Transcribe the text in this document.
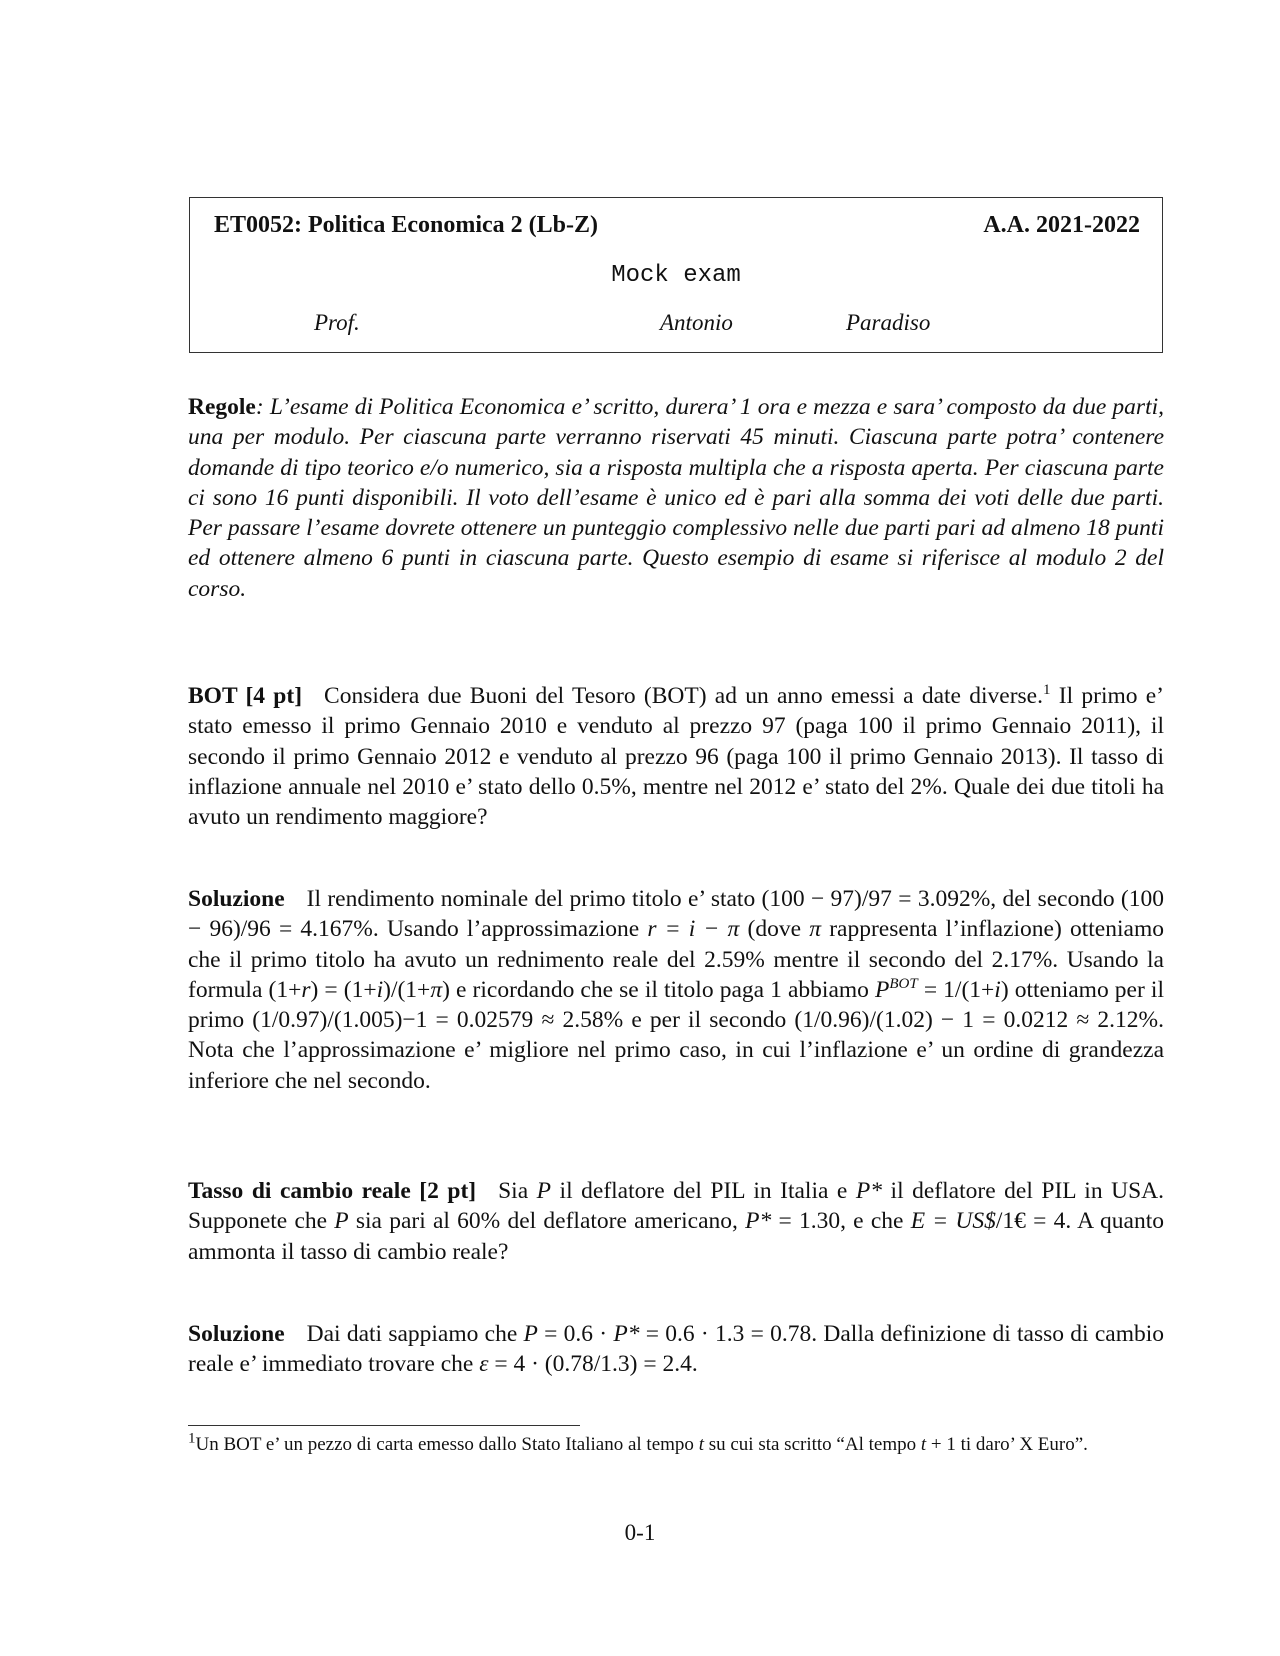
ET0052: Politica Economica 2 (Lb-Z)	A.A. 2021-2022
Mock exam
Prof.	Antonio	Paradiso
Regole: L’esame di Politica Economica e’ scritto, durera’ 1 ora e mezza e sara’ composto da due parti, una per modulo. Per ciascuna parte verranno riservati 45 minuti. Ciascuna parte potra’ contenere domande di tipo teorico e/o numerico, sia a risposta multipla che a risposta aperta. Per ciascuna parte ci sono 16 punti disponibili. Il voto dell’esame è unico ed è pari alla somma dei voti delle due parti. Per passare l’esame dovrete ottenere un punteggio complessivo nelle due parti pari ad almeno 18 punti ed ottenere almeno 6 punti in ciascuna parte. Questo esempio di esame si riferisce al modulo 2 del corso.
BOT [4 pt] Considera due Buoni del Tesoro (BOT) ad un anno emessi a date diverse.$^1$ Il primo e’ stato emesso il primo Gennaio 2010 e venduto al prezzo 97 (paga 100 il primo Gennaio 2011), il secondo il primo Gennaio 2012 e venduto al prezzo 96 (paga 100 il primo Gennaio 2013). Il tasso di inflazione annuale nel 2010 e’ stato dello 0.5%, mentre nel 2012 e’ stato del 2%. Quale dei due titoli ha avuto un rendimento maggiore?
Soluzione Il rendimento nominale del primo titolo e’ stato (100 − 97)/97 = 3.092%, del secondo (100 − 96)/96 = 4.167%. Usando l’approssimazione r = i − π (dove π rappresenta l’inflazione) otteniamo che il primo titolo ha avuto un rednimento reale del 2.59% mentre il secondo del 2.17%. Usando la formula (1+r) = (1+i)/(1+π) e ricordando che se il titolo paga 1 abbiamo $P^{BOT} = 1/(1+i)$ otteniamo per il primo (1/0.97)/(1.005)−1 = 0.02579 ≈ 2.58% e per il secondo (1/0.96)/(1.02) − 1 = 0.0212 ≈ 2.12%. Nota che l’approssimazione e’ migliore nel primo caso, in cui l’inflazione e’ un ordine di grandezza inferiore che nel secondo.
Tasso di cambio reale [2 pt] Sia P il deflatore del PIL in Italia e P* il deflatore del PIL in USA. Supponete che P sia pari al 60% del deflatore americano, P* = 1.30, e che E = US$/1€ = 4. A quanto ammonta il tasso di cambio reale?
Soluzione Dai dati sappiamo che P = 0.6 · P* = 0.6 · 1.3 = 0.78. Dalla definizione di tasso di cambio reale e’ immediato trovare che ε = 4 · (0.78/1.3) = 2.4.
$^1$Un BOT e’ un pezzo di carta emesso dallo Stato Italiano al tempo t su cui sta scritto “Al tempo t + 1 ti daro’ X Euro”.
0-1
